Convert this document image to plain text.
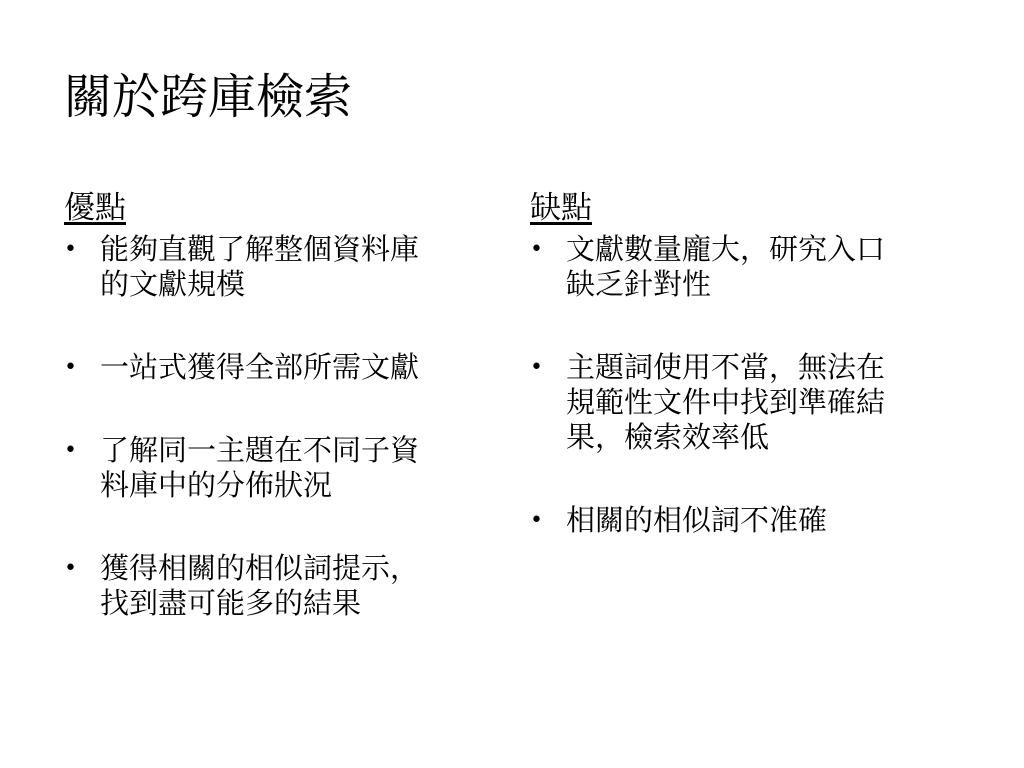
關於跨庫檢索
優點
• 能夠直觀了解整個資料庫的文獻規模
• 一站式獲得全部所需文獻
• 了解同一主題在不同子資料庫中的分佈狀況
• 獲得相關的相似詞提示，找到盡可能多的結果
缺點
• 文獻數量龐大，研究入口缺乏針對性
• 主題詞使用不當，無法在規範性文件中找到準確結果，檢索效率低
• 相關的相似詞不准確
